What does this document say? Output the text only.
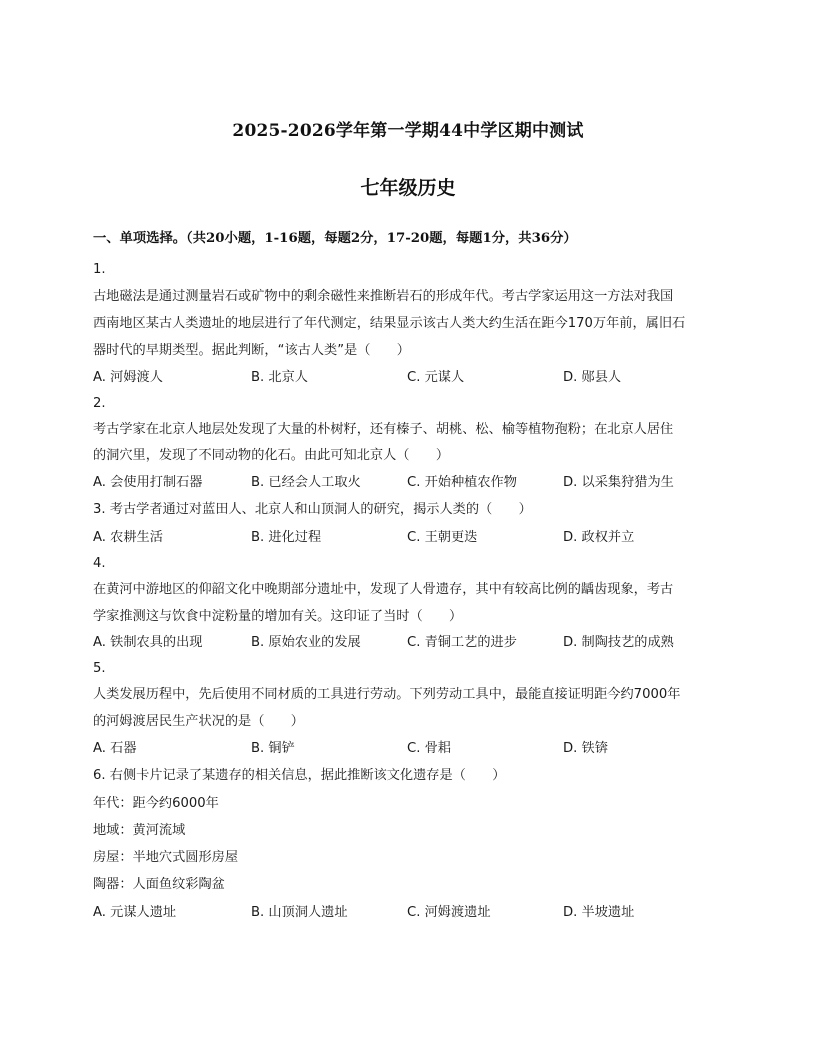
2025-2026学年第一学期44中学区期中测试
七年级历史
一、单项选择。（共20小题，1-16题，每题2分，17-20题，每题1分，共36分）
1.
古地磁法是通过测量岩石或矿物中的剩余磁性来推断岩石的形成年代。考古学家运用这一方法对我国
西南地区某古人类遗址的地层进行了年代测定，结果显示该古人类大约生活在距今170万年前，属旧石
器时代的早期类型。据此判断，“该古人类”是（　　）
A. 河姆渡人	B. 北京人	C. 元谋人	D. 郧县人
2.
考古学家在北京人地层处发现了大量的朴树籽，还有榛子、胡桃、松、榆等植物孢粉；在北京人居住
的洞穴里，发现了不同动物的化石。由此可知北京人（　　）
A. 会使用打制石器	B. 已经会人工取火	C. 开始种植农作物	D. 以采集狩猎为生
3. 考古学者通过对蓝田人、北京人和山顶洞人的研究，揭示人类的（　　）
A. 农耕生活	B. 进化过程	C. 王朝更迭	D. 政权并立
4.
在黄河中游地区的仰韶文化中晚期部分遗址中，发现了人骨遗存，其中有较高比例的龋齿现象，考古
学家推测这与饮食中淀粉量的增加有关。这印证了当时（　　）
A. 铁制农具的出现	B. 原始农业的发展	C. 青铜工艺的进步	D. 制陶技艺的成熟
5.
人类发展历程中，先后使用不同材质的工具进行劳动。下列劳动工具中，最能直接证明距今约7000年
的河姆渡居民生产状况的是（　　）
A. 石器	B. 铜铲	C. 骨耜	D. 铁锛
6. 右侧卡片记录了某遗存的相关信息，据此推断该文化遗存是（　　）
年代：距今约6000年
地域：黄河流域
房屋：半地穴式圆形房屋
陶器：人面鱼纹彩陶盆
A. 元谋人遗址	B. 山顶洞人遗址	C. 河姆渡遗址	D. 半坡遗址
